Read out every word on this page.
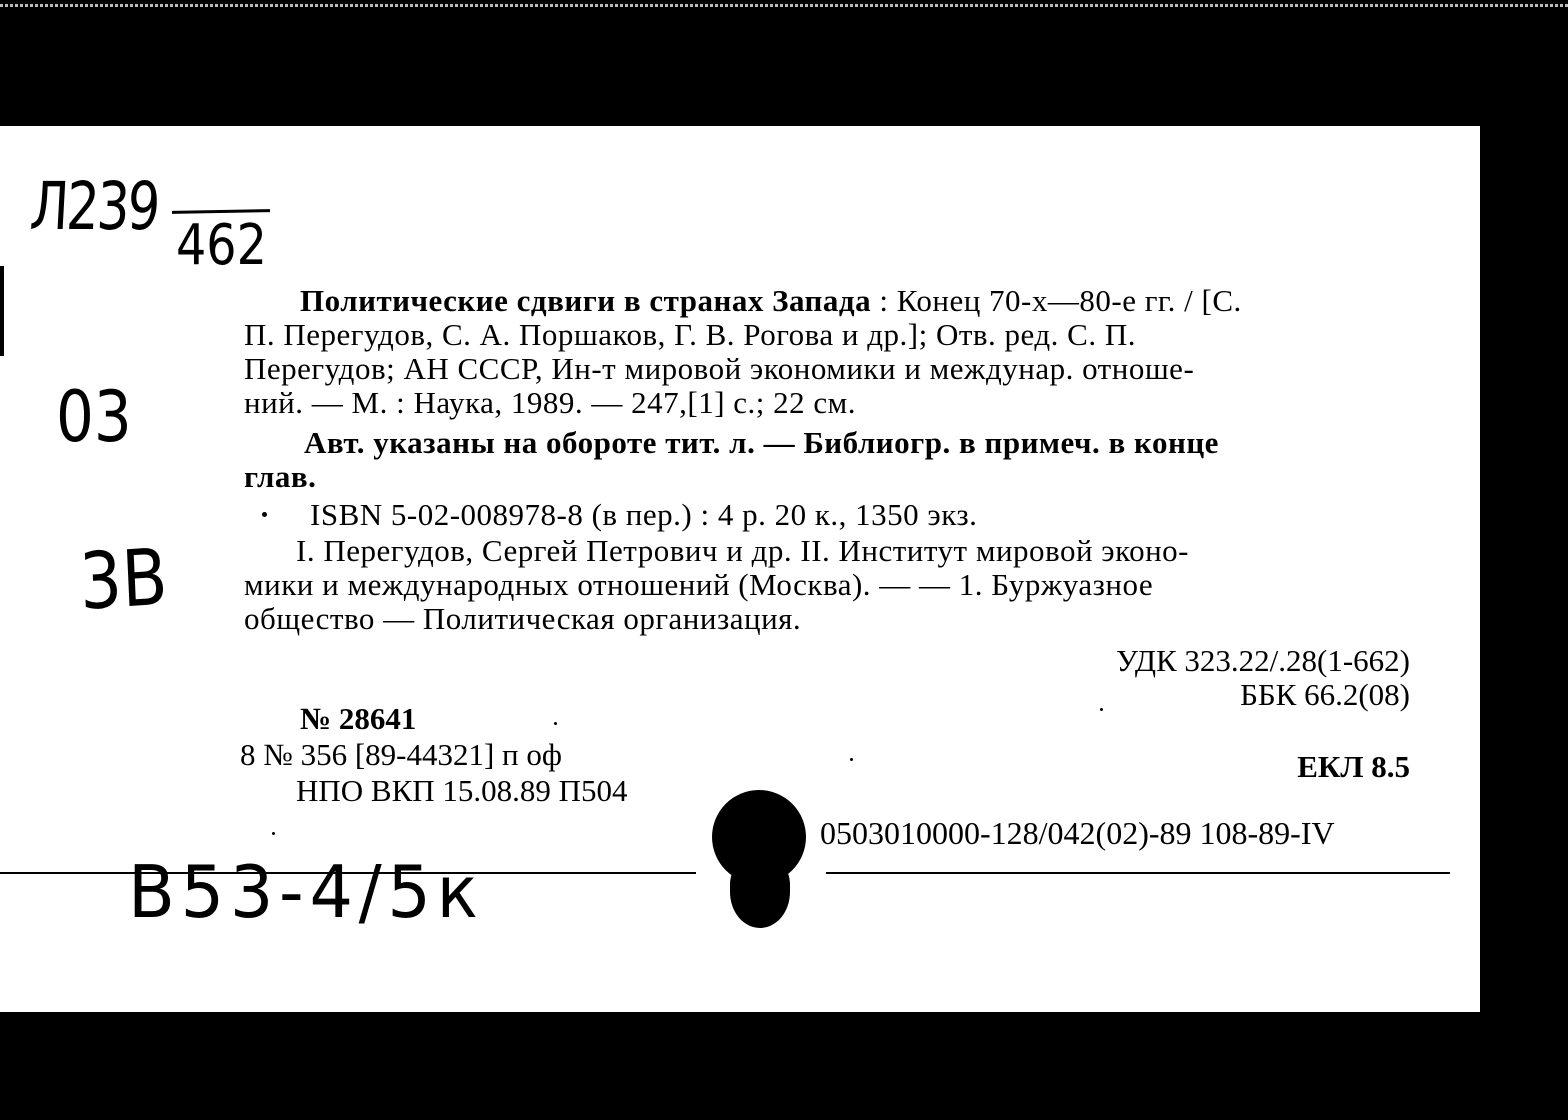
Л239
462
03
3В
Политические сдвиги в странах Запада : Конец 70-х—80-е гг. / [С.
П. Перегудов, С. А. Поршаков, Г. В. Рогова и др.]; Отв. ред. С. П.
Перегудов; АН СССР, Ин-т мировой экономики и междунар. отноше-
ний. — М. : Наука, 1989. — 247,[1] с.; 22 см.
Авт. указаны на обороте тит. л. — Библиогр. в примеч. в конце
глав.
ISBN 5-02-008978-8 (в пер.) : 4 р. 20 к., 1350 экз.
I. Перегудов, Сергей Петрович и др. II. Институт мировой эконо-
мики и международных отношений (Москва). — — 1. Буржуазное
общество — Политическая организация.
УДК 323.22/.28(1-662)
ББК 66.2(08)
ЕКЛ 8.5
№ 28641
8 № 356 [89-44321] п оф
НПО ВКП 15.08.89 П504
0503010000-128/042(02)-89 108-89-IV
В53-4/5к
